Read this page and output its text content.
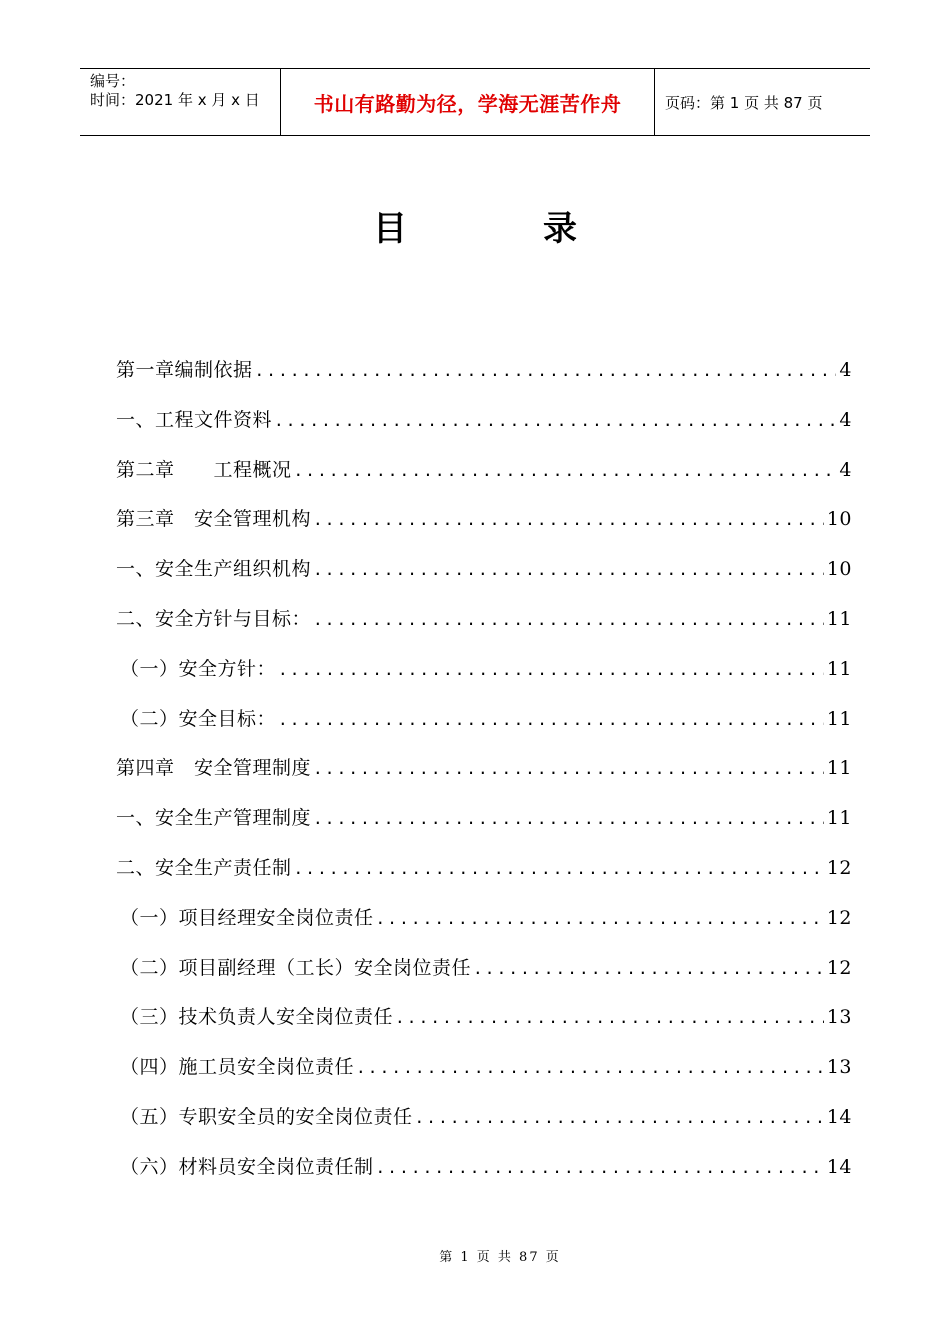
编号：
时间：2021 年 x 月 x 日	书山有路勤为径，学海无涯苦作舟	页码：第 1 页 共 87 页
目录
第一章编制依据 .....	4
一、工程文件资料 .....	4
第二章　　工程概况 .....	4
第三章　安全管理机构 .....	10
一、安全生产组织机构 .....	10
二、安全方针与目标： .....	11
（一）安全方针： .....	11
（二）安全目标： .....	11
第四章　安全管理制度 .....	11
一、安全生产管理制度 .....	11
二、安全生产责任制 .....	12
（一）项目经理安全岗位责任 .....	12
（二）项目副经理（工长）安全岗位责任 .....	12
（三）技术负责人安全岗位责任 .....	13
（四）施工员安全岗位责任 .....	13
（五）专职安全员的安全岗位责任 .....	14
（六）材料员安全岗位责任制 .....	14
第 1 页 共 87 页
